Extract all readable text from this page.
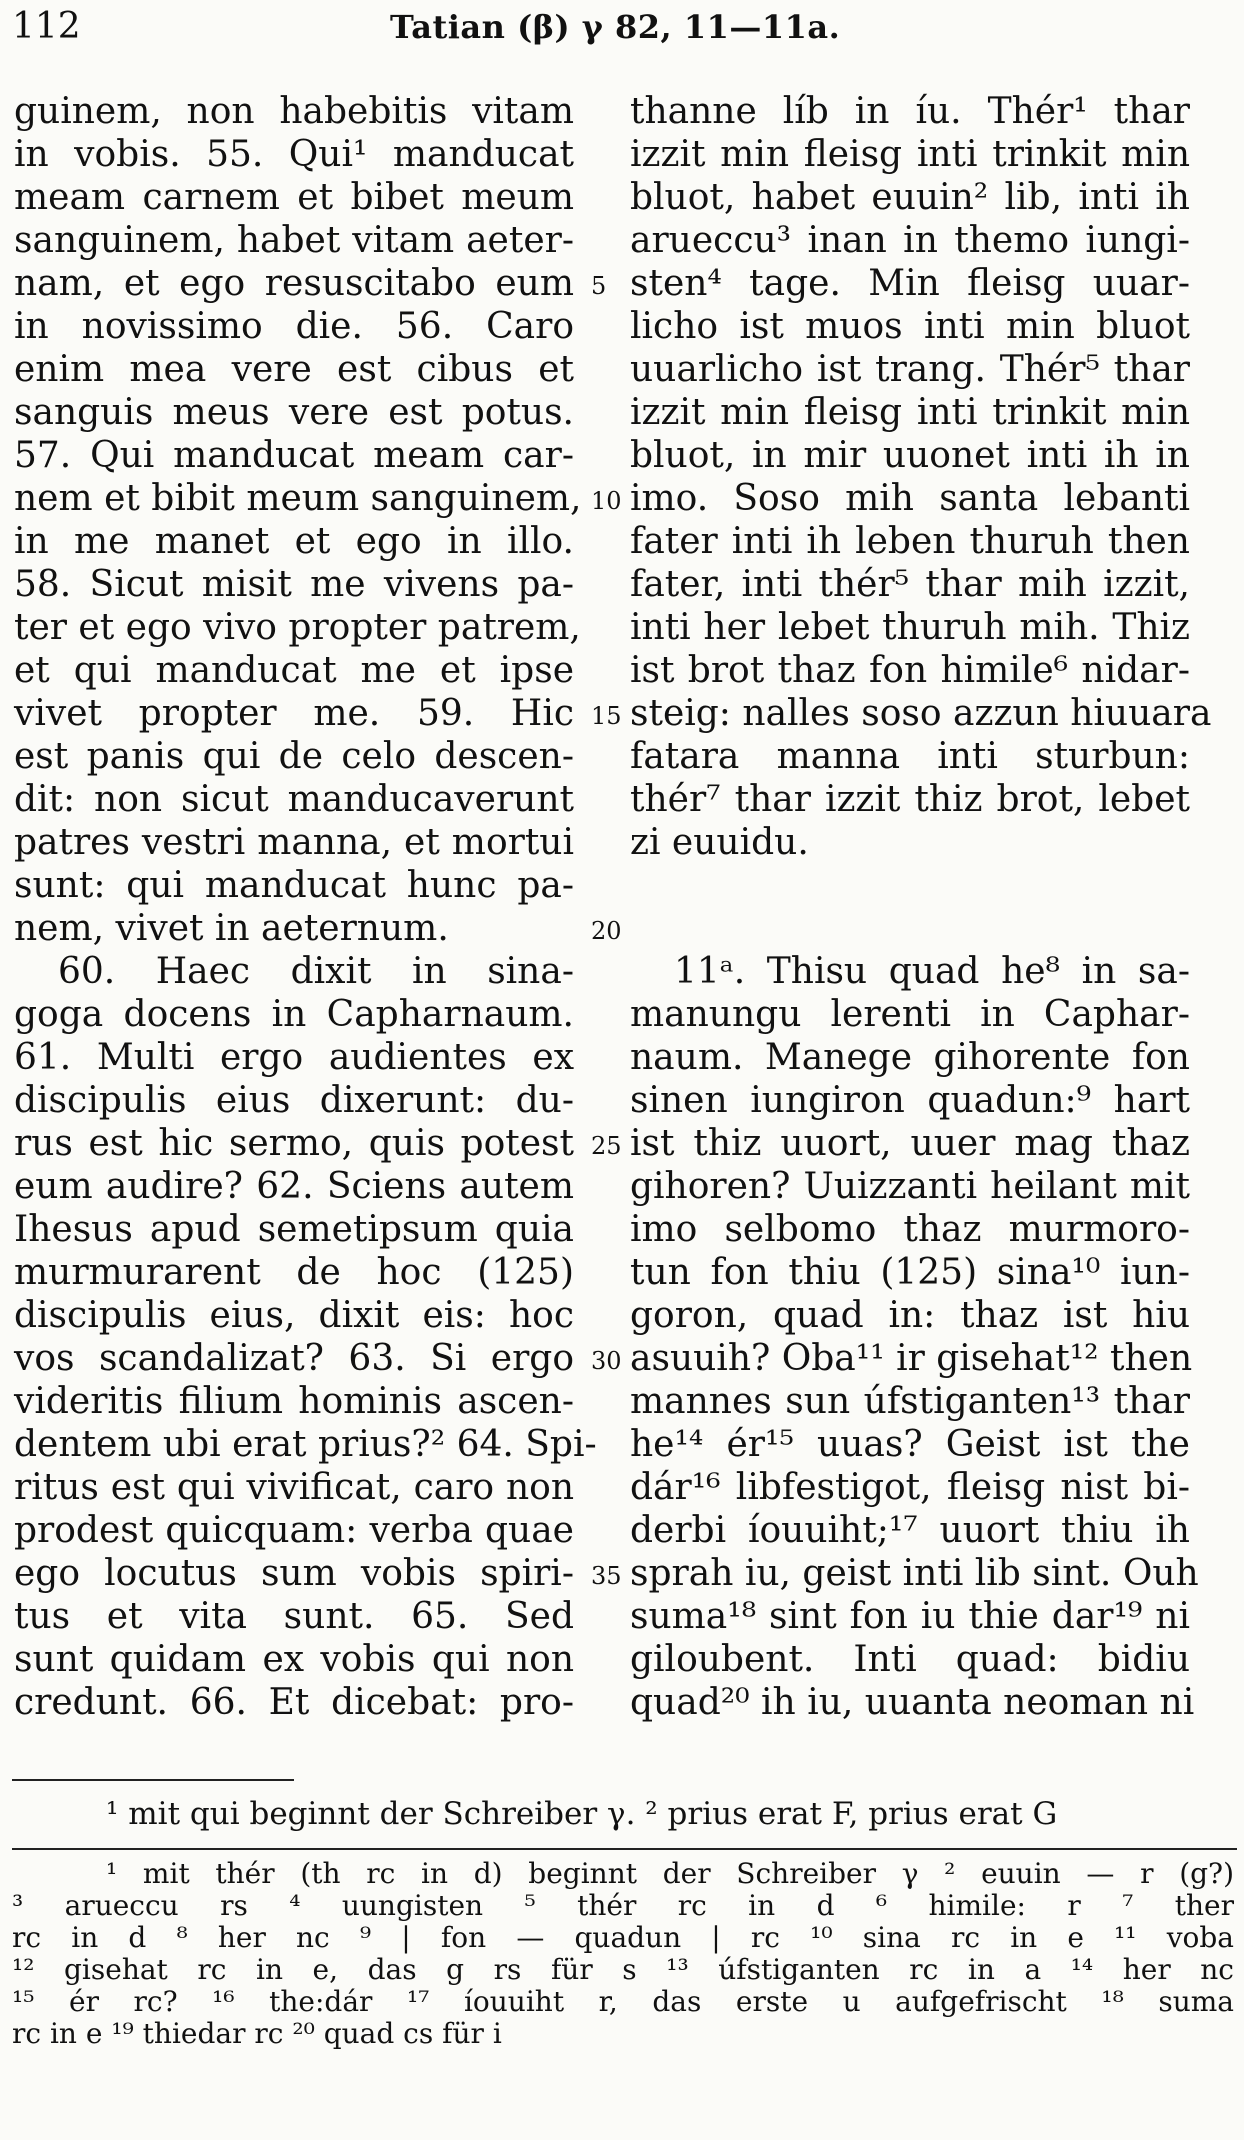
112	Tatian (β) γ 82, 11—11a.
guinem, non habebitis vitam
in vobis. 55. Qui¹ manducat
meam carnem et bibet meum
sanguinem, habet vitam aeter-
nam, et ego resuscitabo eum
in novissimo die. 56. Caro
enim mea vere est cibus et
sanguis meus vere est potus.
57. Qui manducat meam car-
nem et bibit meum sanguinem,
in me manet et ego in illo.
58. Sicut misit me vivens pa-
ter et ego vivo propter patrem,
et qui manducat me et ipse
vivet propter me. 59. Hic
est panis qui de celo descen-
dit: non sicut manducaverunt
patres vestri manna, et mortui
sunt: qui manducat hunc pa-
nem, vivet in aeternum.
60. Haec dixit in sina-
goga docens in Capharnaum.
61. Multi ergo audientes ex
discipulis eius dixerunt: du-
rus est hic sermo, quis potest
eum audire? 62. Sciens autem
Ihesus apud semetipsum quia
murmurarent de hoc (125)
discipulis eius, dixit eis: hoc
vos scandalizat? 63. Si ergo
videritis filium hominis ascen-
dentem ubi erat prius?² 64. Spi-
ritus est qui vivificat, caro non
prodest quicquam: verba quae
ego locutus sum vobis spiri-
tus et vita sunt. 65. Sed
sunt quidam ex vobis qui non
credunt. 66. Et dicebat: pro-
thanne líb in íu. Thér¹ thar
izzit min fleisg inti trinkit min
bluot, habet euuin² lib, inti ih
arueccu³ inan in themo iungi-
sten⁴ tage. Min fleisg uuar-
licho ist muos inti min bluot
uuarlicho ist trang. Thér⁵ thar
izzit min fleisg inti trinkit min
bluot, in mir uuonet inti ih in
imo. Soso mih santa lebanti
fater inti ih leben thuruh then
fater, inti thér⁵ thar mih izzit,
inti her lebet thuruh mih. Thiz
ist brot thaz fon himile⁶ nidar-
steig: nalles soso azzun hiuuara
fatara manna inti sturbun:
thér⁷ thar izzit thiz brot, lebet
zi euuidu.
11ᵃ. Thisu quad he⁸ in sa-
manungu lerenti in Caphar-
naum. Manege gihorente fon
sinen iungiron quadun:⁹ hart
ist thiz uuort, uuer mag thaz
gihoren? Uuizzanti heilant mit
imo selbomo thaz murmoro-
tun fon thiu (125) sina¹⁰ iun-
goron, quad in: thaz ist hiu
asuuih? Oba¹¹ ir gisehat¹² then
mannes sun úfstiganten¹³ thar
he¹⁴ ér¹⁵ uuas? Geist ist the
dár¹⁶ libfestigot, fleisg nist bi-
derbi íouuiht;¹⁷ uuort thiu ih
sprah iu, geist inti lib sint. Ouh
suma¹⁸ sint fon iu thie dar¹⁹ ni
giloubent. Inti quad: bidiu
quad²⁰ ih iu, uuanta neoman ni
5
10
15
20
25
30
35
¹ mit qui beginnt der Schreiber γ. ² prius erat F, prius erat G
¹ mit thér (th rc in d) beginnt der Schreiber γ ² euuin — r (g?)
³ arueccu rs ⁴ uungisten ⁵ thér rc in d ⁶ himile: r ⁷ ther
rc in d ⁸ her nc ⁹ | fon — quadun | rc ¹⁰ sina rc in e ¹¹ voba
¹² gisehat rc in e, das g rs für s ¹³ úfstiganten rc in a ¹⁴ her nc
¹⁵ ér rc? ¹⁶ the:dár ¹⁷ íouuiht r, das erste u aufgefrischt ¹⁸ suma
rc in e ¹⁹ thiedar rc ²⁰ quad cs für i
